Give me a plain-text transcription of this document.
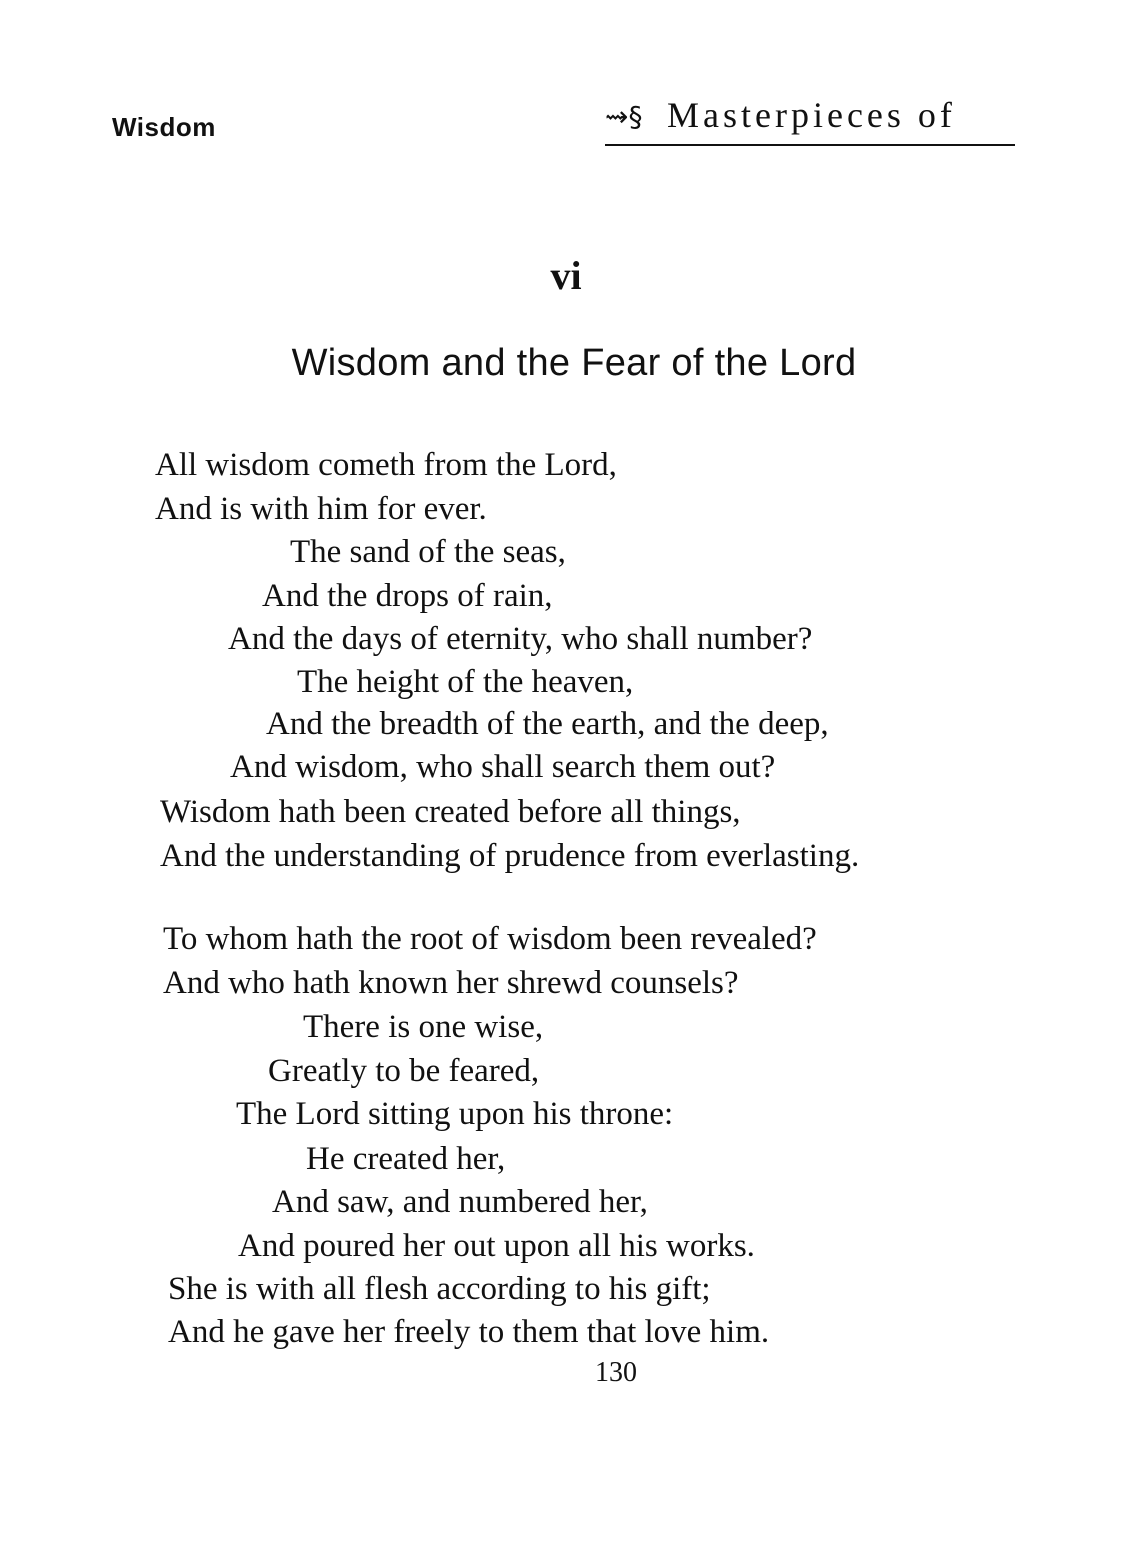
Wisdom	⇝§ Masterpieces of
vi
Wisdom and the Fear of the Lord
All wisdom cometh from the Lord,
And is with him for ever.
The sand of the seas,
And the drops of rain,
And the days of eternity, who shall number?
The height of the heaven,
And the breadth of the earth, and the deep,
And wisdom, who shall search them out?
Wisdom hath been created before all things,
And the understanding of prudence from everlasting.
To whom hath the root of wisdom been revealed?
And who hath known her shrewd counsels?
There is one wise,
Greatly to be feared,
The Lord sitting upon his throne:
He created her,
And saw, and numbered her,
And poured her out upon all his works.
She is with all flesh according to his gift;
And he gave her freely to them that love him.
130
